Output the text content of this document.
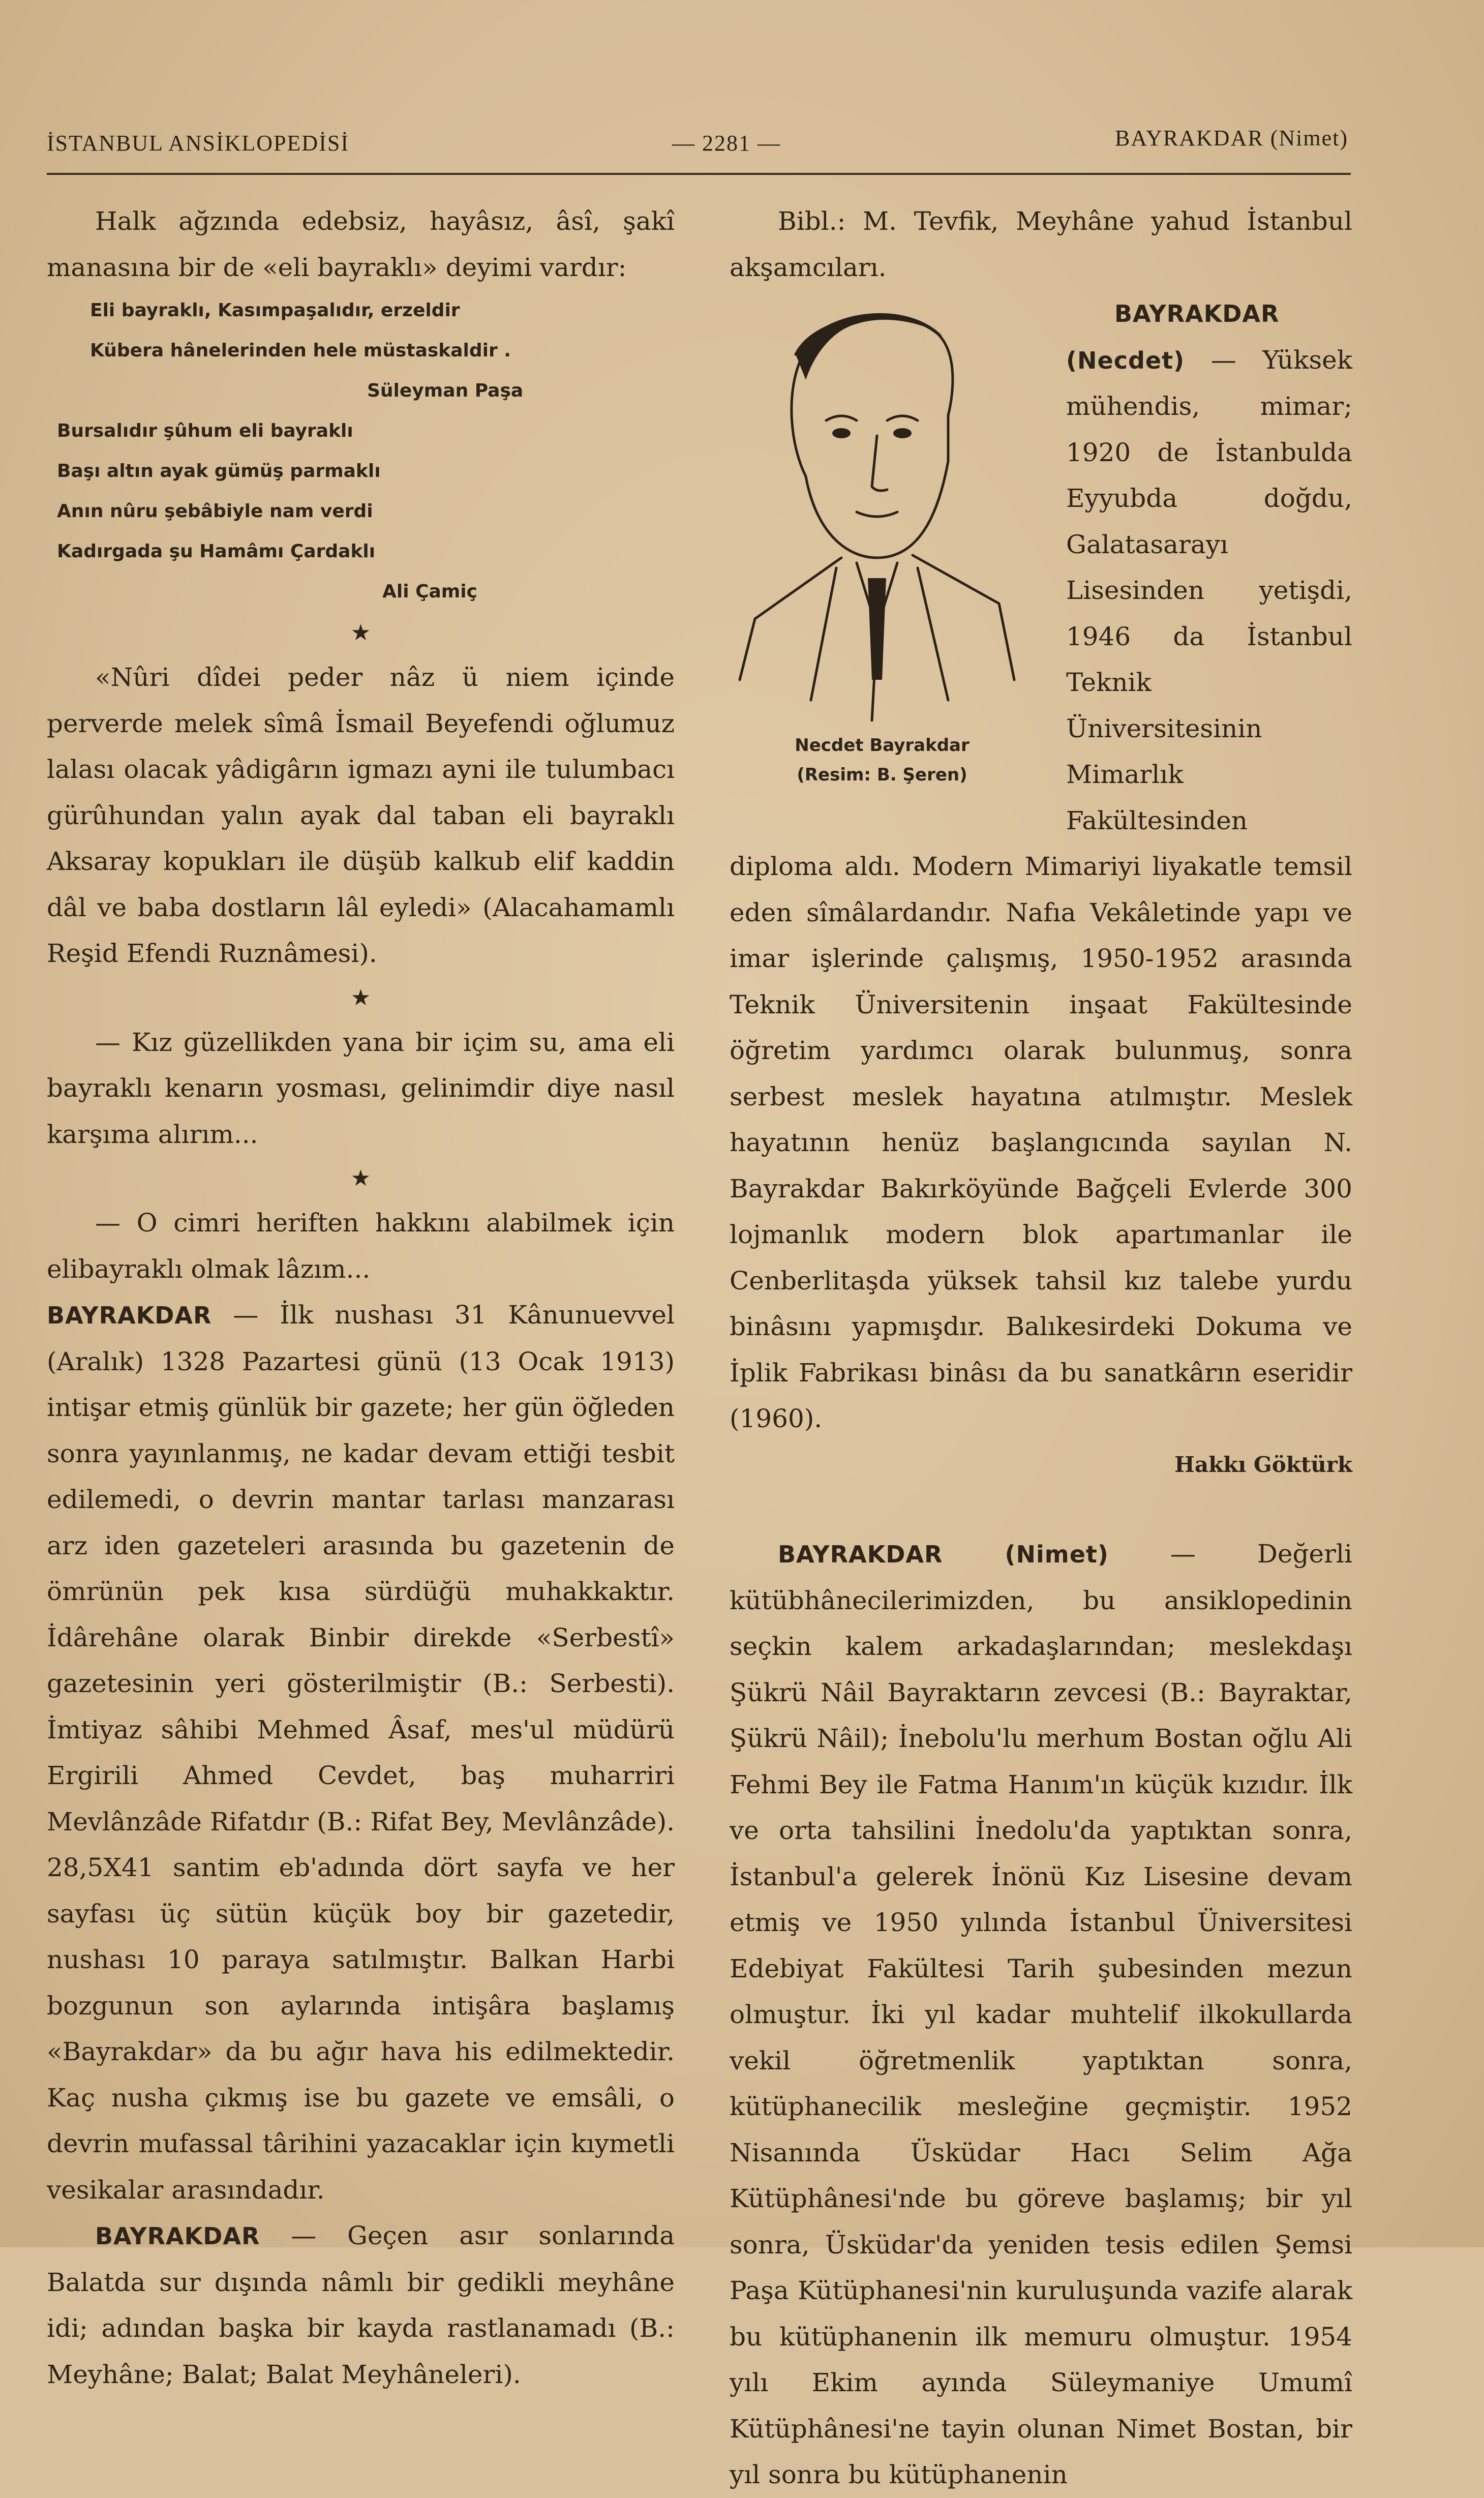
İSTANBUL ANSİKLOPEDİSİ	— 2281 —	BAYRAKDAR (Nimet)

Halk ağzında edebsiz, hayâsız, âsî, şakî manasına bir de «eli bayraklı» deyimi vardır:

Eli bayraklı, Kasımpaşalıdır, erzeldir

Kübera hânelerinden hele müstaskaldir .

Süleyman Paşa

Bursalıdır şûhum eli bayraklı

Başı altın ayak gümüş parmaklı

Anın nûru şebâbiyle nam verdi

Kadırgada şu Hamâmı Çardaklı

Ali Çamiç

★

«Nûri dîdei peder nâz ü niem içinde perverde melek sîmâ İsmail Beyefendi oğlumuz lalası olacak yâdigârın igmazı ayni ile tulumbacı gürûhundan yalın ayak dal taban eli bayraklı Aksaray kopukları ile düşüb kalkub elif kaddin dâl ve baba dostların lâl eyledi» (Alacahamamlı Reşid Efendi Ruznâmesi).

★

— Kız güzellikden yana bir içim su, ama eli bayraklı kenarın yosması, gelinimdir diye nasıl karşıma alırım...

★

— O cimri heriften hakkını alabilmek için elibayraklı olmak lâzım...

BAYRAKDAR — İlk nushası 31 Kânunuevvel (Aralık) 1328 Pazartesi günü (13 Ocak 1913) intişar etmiş günlük bir gazete; her gün öğleden sonra yayınlanmış, ne kadar devam ettiği tesbit edilemedi, o devrin mantar tarlası manzarası arz iden gazeteleri arasında bu gazetenin de ömrünün pek kısa sürdüğü muhakkaktır. İdârehâne olarak Binbir direkde «Serbestî» gazetesinin yeri gösterilmiştir (B.: Serbesti). İmtiyaz sâhibi Mehmed Âsaf, mes'ul müdürü Ergirili Ahmed Cevdet, baş muharriri Mevlânzâde Rifatdır (B.: Rifat Bey, Mevlânzâde). 28,5X41 santim eb'adında dört sayfa ve her sayfası üç sütün küçük boy bir gazetedir, nushası 10 paraya satılmıştır. Balkan Harbi bozgunun son aylarında intişâra başlamış «Bayrakdar» da bu ağır hava his edilmektedir. Kaç nusha çıkmış ise bu gazete ve emsâli, o devrin mufassal târihini yazacaklar için kıymetli vesikalar arasındadır.

BAYRAKDAR — Geçen asır sonlarında Balatda sur dışında nâmlı bir gedikli meyhâne idi; adından başka bir kayda rastlanamadı (B.: Meyhâne; Balat; Balat Meyhâneleri).

Bibl.: M. Tevfik, Meyhâne yahud İstanbul akşamcıları.

Necdet Bayrakdar
(Resim: B. Şeren)

BAYRAKDAR (Necdet) — Yüksek mühendis, mimar; 1920 de İstanbulda Eyyubda doğdu, Galatasarayı Lisesinden yetişdi, 1946 da İstanbul Teknik Üniversitesinin Mimarlık Fakültesinden diploma aldı. Modern Mimariyi liyakatle temsil eden sîmâlardandır. Nafıa Vekâletinde yapı ve imar işlerinde çalışmış, 1950-1952 arasında Teknik Üniversitenin inşaat Fakültesinde öğretim yardımcı olarak bulunmuş, sonra serbest meslek hayatına atılmıştır. Meslek hayatının henüz başlangıcında sayılan N. Bayrakdar Bakırköyünde Bağçeli Evlerde 300 lojmanlık modern blok apartımanlar ile Cenberlitaşda yüksek tahsil kız talebe yurdu binâsını yapmışdır. Balıkesirdeki Dokuma ve İplik Fabrikası binâsı da bu sanatkârın eseridir (1960).

Hakkı Göktürk

BAYRAKDAR (Nimet) — Değerli kütübhânecilerimizden, bu ansiklopedinin seçkin kalem arkadaşlarından; meslekdaşı Şükrü Nâil Bayraktarın zevcesi (B.: Bayraktar, Şükrü Nâil); İnebolu'lu merhum Bostan oğlu Ali Fehmi Bey ile Fatma Hanım'ın küçük kızıdır. İlk ve orta tahsilini İnedolu'da yaptıktan sonra, İstanbul'a gelerek İnönü Kız Lisesine devam etmiş ve 1950 yılında İstanbul Üniversitesi Edebiyat Fakültesi Tarih şubesinden mezun olmuştur. İki yıl kadar muhtelif ilkokullarda vekil öğretmenlik yaptıktan sonra, kütüphanecilik mesleğine geçmiştir. 1952 Nisanında Üsküdar Hacı Selim Ağa Kütüphânesi'nde bu göreve başlamış; bir yıl sonra, Üsküdar'da yeniden tesis edilen Şemsi Paşa Kütüphanesi'nin kuruluşunda vazife alarak bu kütüphanenin ilk memuru olmuştur. 1954 yılı Ekim ayında Süleymaniye Umumî Kütüphânesi'ne tayin olunan Nimet Bostan, bir yıl sonra bu kütüphanenin
